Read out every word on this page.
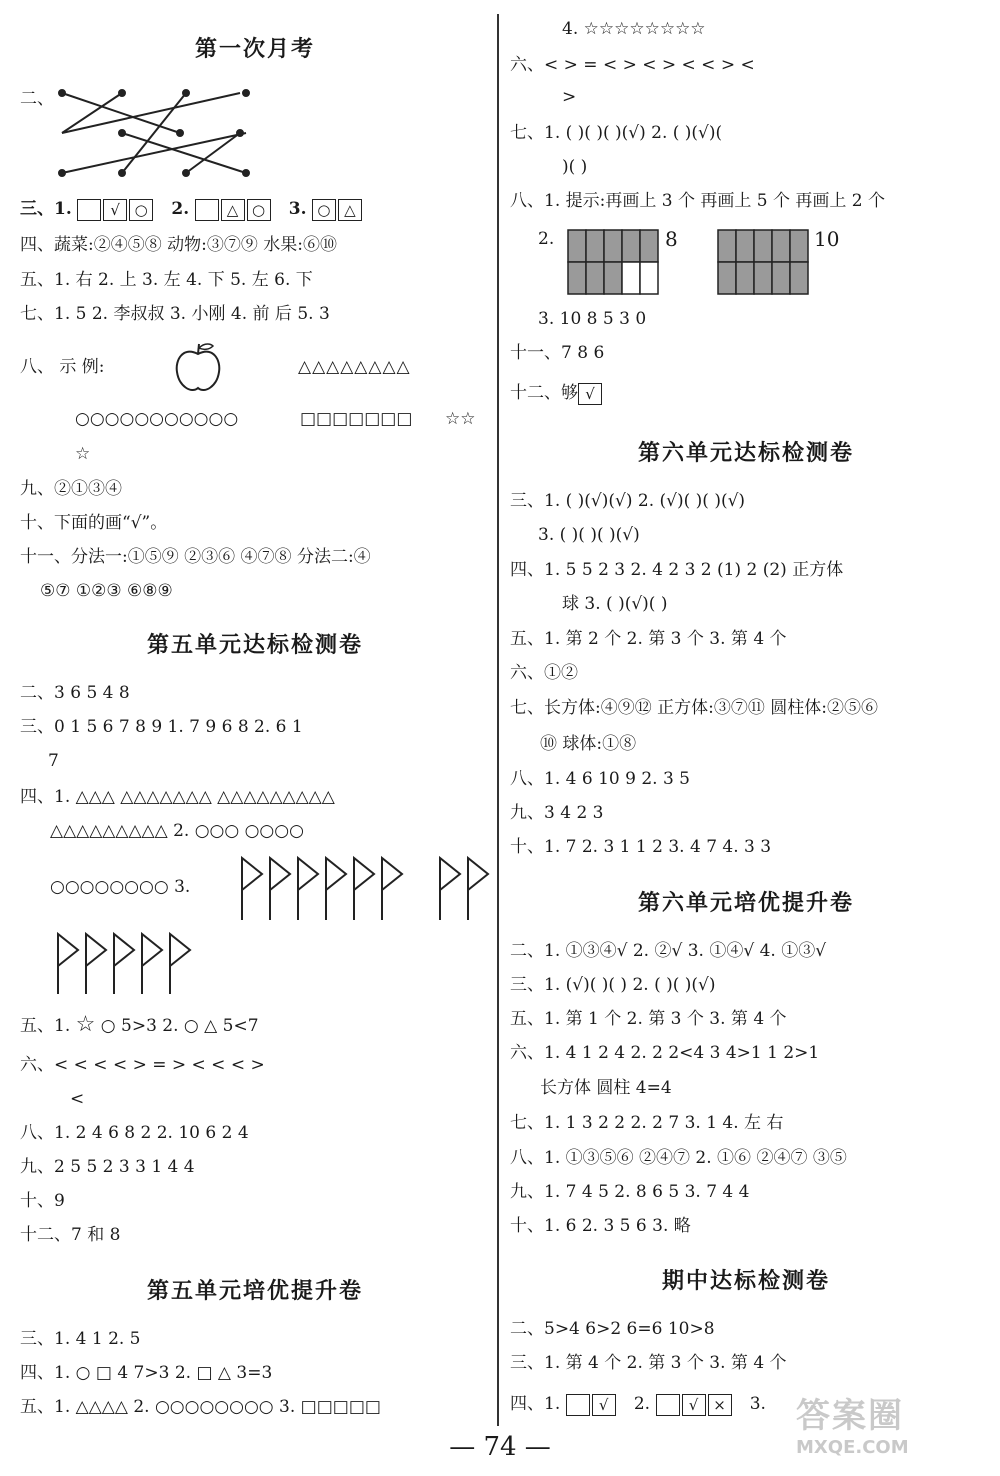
第一次月考
二、
三、1.	√ ○ 2.	△ ○ 3. ○ △
四、蔬菜:②④⑤⑧ 动物:③⑦⑨ 水果:⑥⑩
五、1. 右 2. 上 3. 左 4. 下 5. 左 6. 下
七、1. 5 2. 李叔叔 3. 小刚 4. 前 后 5. 3
八、 示 例:	△△△△△△△△
○○○○○○○○○○○	□□□□□□□ ☆☆
☆
九、②①③④
十、下面的画“√”。
十一、分法一:①⑤⑨ ②③⑥ ④⑦⑧ 分法二:④
⑤⑦ ①②③ ⑥⑧⑨
第五单元达标检测卷
二、3 6 5 4 8
三、0 1 5 6 7 8 9 1. 7 9 6 8 2. 6 1
7
四、1. △△△ △△△△△△△ △△△△△△△△△
△△△△△△△△△ 2. ○○○ ○○○○
○○○○○○○○ 3.
五、1. ☆ ○ 5>3 2. ○ △ 5<7
六、< < < < > = > < < < >
<
八、1. 2 4 6 8 2 2. 10 6 2 4
九、2 5 5 2 3 3 1 4 4
十、9
十二、7 和 8
第五单元培优提升卷
三、1. 4 1 2. 5
四、1. ○ □ 4 7>3 2. □ △ 3=3
五、1. △△△△ 2. ○○○○○○○○ 3. □□□□□
4. ☆☆☆☆☆☆☆☆
六、< > = < > < > < < > <
>
七、1. ( )( )( )(√) 2. ( )(√)(
)( )
八、1. 提示:再画上 3 个 再画上 5 个 再画上 2 个
2.	8	10
3. 10 8 5 3 0
十一、7 8 6
十二、够 √
第六单元达标检测卷
三、1. ( )(√)(√) 2. (√)( )( )(√)
3. ( )( )( )(√)
四、1. 5 5 2 3 2. 4 2 3 2 (1) 2 (2) 正方体
球 3. ( )(√)( )
五、1. 第 2 个 2. 第 3 个 3. 第 4 个
六、①②
七、长方体:④⑨⑫ 正方体:③⑦⑪ 圆柱体:②⑤⑥
⑩ 球体:①⑧
八、1. 4 6 10 9 2. 3 5
九、3 4 2 3
十、1. 7 2. 3 1 1 2 3. 4 7 4. 3 3
第六单元培优提升卷
二、1. ①③④√ 2. ②√ 3. ①④√ 4. ①③√
三、1. (√)( )( ) 2. ( )( )(√)
五、1. 第 1 个 2. 第 3 个 3. 第 4 个
六、1. 4 1 2 4 2. 2 2<4 3 4>1 1 2>1
长方体 圆柱 4=4
七、1. 1 3 2 2 2. 2 7 3. 1 4. 左 右
八、1. ①③⑤⑥ ②④⑦ 2. ①⑥ ②④⑦ ③⑤
九、1. 7 4 5 2. 8 6 5 3. 7 4 4
十、1. 6 2. 3 5 6 3. 略
期中达标检测卷
二、5>4 6>2 6=6 10>8
三、1. 第 4 个 2. 第 3 个 3. 第 4 个
四、1.	√ 2.	√ × 3.
— 74 —
答案圈
MXQE.COM
